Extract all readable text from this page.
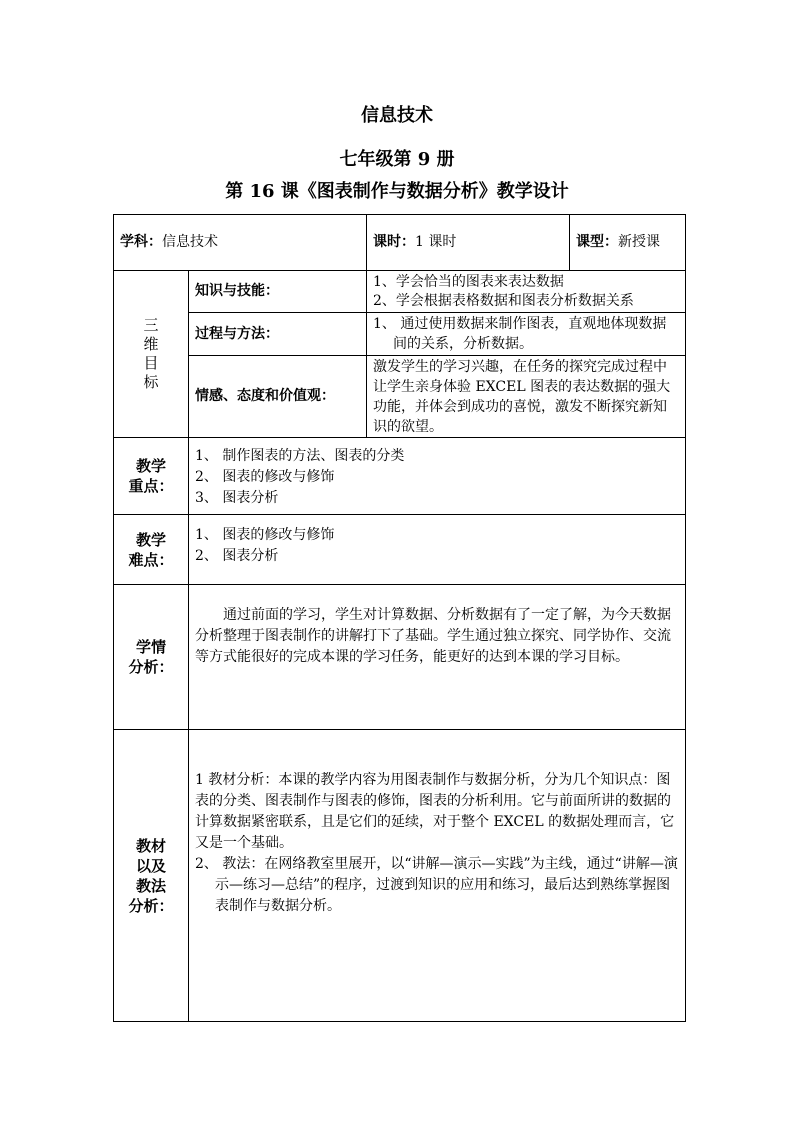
信息技术
七年级第 9 册
第 16 课《图表制作与数据分析》教学设计
学科：信息技术		课时：1 课时	课型：新授课

三
维
目
标	知识与技能：	1、学会恰当的图表来表达数据
2、学会根据表格数据和图表分析数据关系	

	过程与方法：	1、 通过使用数据来制作图表，直观地体现数据间的关系，分析数据。	

	情感、态度和价值观：	激发学生的学习兴趣，在任务的探究完成过程中让学生亲身体验 EXCEL 图表的表达数据的强大功能，并体会到成功的喜悦，激发不断探究新知识的欲望。	

教学
重点：	1、 制作图表的方法、图表的分类
2、 图表的修改与修饰
3、 图表分析		

教学
难点：	1、 图表的修改与修饰
2、 图表分析		

学情
分析：	通过前面的学习，学生对计算数据、分析数据有了一定了解，为今天数据分析整理于图表制作的讲解打下了基础。学生通过独立探究、同学协作、交流等方式能很好的完成本课的学习任务，能更好的达到本课的学习目标。		

教材
以及
教法
分析：	1 教材分析：本课的教学内容为用图表制作与数据分析，分为几个知识点：图表的分类、图表制作与图表的修饰，图表的分析利用。它与前面所讲的数据的计算数据紧密联系，且是它们的延续，对于整个 EXCEL 的数据处理而言，它又是一个基础。
2、 教法：在网络教室里展开，以“讲解—演示—实践”为主线，通过“讲解—演示—练习—总结”的程序，过渡到知识的应用和练习，最后达到熟练掌握图表制作与数据分析。		
